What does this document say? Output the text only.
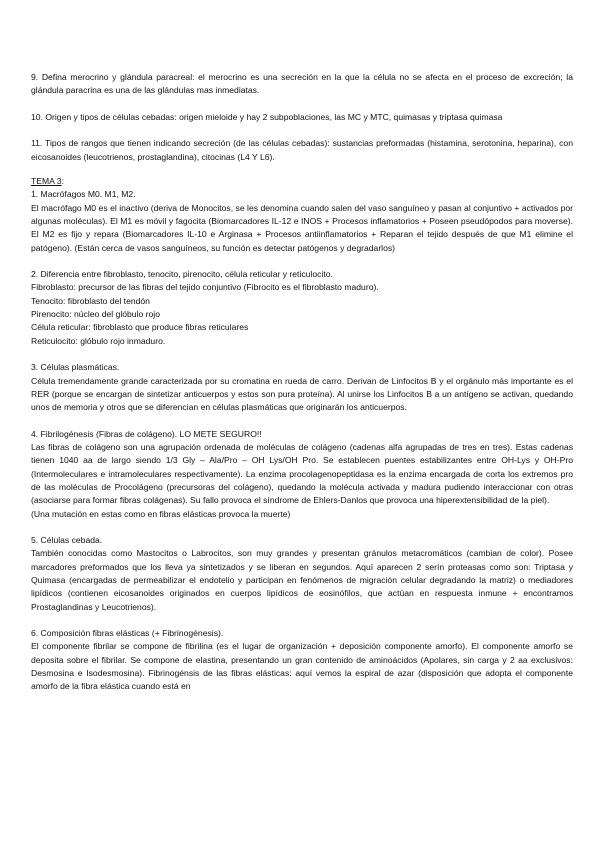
9. Defina merocrino y glándula paracreal: el merocrino es una secreción en la que la célula no se afecta en el proceso de excreción; la glándula paracrina es una de las glándulas mas inmediatas.

10. Origen y tipos de células cebadas: origen mieloide y hay 2 subpoblaciones, las MC y MTC, quimasas y triptasa quimasa

11. Tipos de rangos que tienen indicando secreción (de las células cebadas): sustancias preformadas (histamina, serotonina, heparina), con eicosanoides (leucotrienos, prostaglandina), citocinas (L4 Y L6).

TEMA 3:

1. Macrófagos M0. M1, M2.

El macrófago M0 es el inactivo (deriva de Monocitos, se les denomina cuando salen del vaso sanguíneo y pasan al conjuntivo + activados por algunas moléculas). El M1 es móvil y fagocita (Biomarcadores IL-12 e INOS + Procesos inflamatorios + Poseen pseudópodos para moverse). El M2 es fijo y repara (Biomarcadores IL-10 e Arginasa + Procesos antiinflamatorios + Reparan el tejido después de que M1 elimine el patógeno). (Están cerca de vasos sanguíneos, su función es detectar patógenos y degradarlos)

2. Diferencia entre fibroblasto, tenocito, pirenocito, célula reticular y reticulocito.

Fibroblasto: precursor de las fibras del tejido conjuntivo (Fibrocito es el fibroblasto maduro).

Tenocito: fibroblasto del tendón

Pirenocito: núcleo del glóbulo rojo

Célula reticular: fibroblasto que produce fibras reticulares

Reticulocito: glóbulo rojo inmaduro.

3. Células plasmáticas.

Célula tremendamente grande caracterizada por su cromatina en rueda de carro. Derivan de Linfocitos B y el orgánulo más importante es el RER (porque se encargan de sintetizar anticuerpos y estos son pura proteína). Al unirse los Linfocitos B a un antígeno se activan, quedando unos de memoria y otros que se diferencian en células plasmáticas que originarán los anticuerpos.

4. Fibrilogénesis (Fibras de colágeno). LO METE SEGURO!!

Las fibras de colágeno son una agrupación ordenada de moléculas de colágeno (cadenas alfa agrupadas de tres en tres). Estas cadenas tienen 1040 aa de largo siendo 1/3 Gly – Ala/Pro – OH Lys/OH Pro. Se establecen puentes estabilizantes entre OH-Lys y OH-Pro (Intermoleculares e intramoleculares respectivamente). La enzima procolagenopeptidasa es la enzima encargada de corta los extremos pro de las moléculas de Procolágeno (precursoras del colágeno), quedando la molécula activada y madura pudiendo interaccionar con otras (asociarse para formar fibras colágenas). Su fallo provoca el síndrome de Ehlers-Danlos que provoca una hiperextensibilidad de la piel).

(Una mutación en estas como en fibras elásticas provoca la muerte)

5. Células cebada.

También conocidas como Mastocitos o Labrocitos, son muy grandes y presentan gránulos metacromáticos (cambian de color). Posee marcadores preformados que los lleva ya sintetizados y se liberan en segundos. Aquí aparecen 2 serín proteasas como son: Triptasa y Quimasa (encargadas de permeabilizar el endotelio y participan en fenómenos de migración celular degradando la matriz) o mediadores lipídicos (contienen eicosanoides originados en cuerpos lipídicos de eosinófilos, que actúan en respuesta inmune + encontramos Prostaglandinas y Leucotrienos).

6. Composición fibras elásticas (+ Fibrinogénesis).

El componente fibrilar se compone de fibrilina (es el lugar de organización + deposición componente amorfo). El componente amorfo se deposita sobre el fibrilar. Se compone de elastina, presentando un gran contenido de aminoácidos (Apolares, sin carga y 2 aa exclusivos: Desmosina e Isodesmosina). Fibrinogénsis de las fibras elásticas: aquí vemos la espiral de azar (disposición que adopta el componente amorfo de la fibra elástica cuando está en
